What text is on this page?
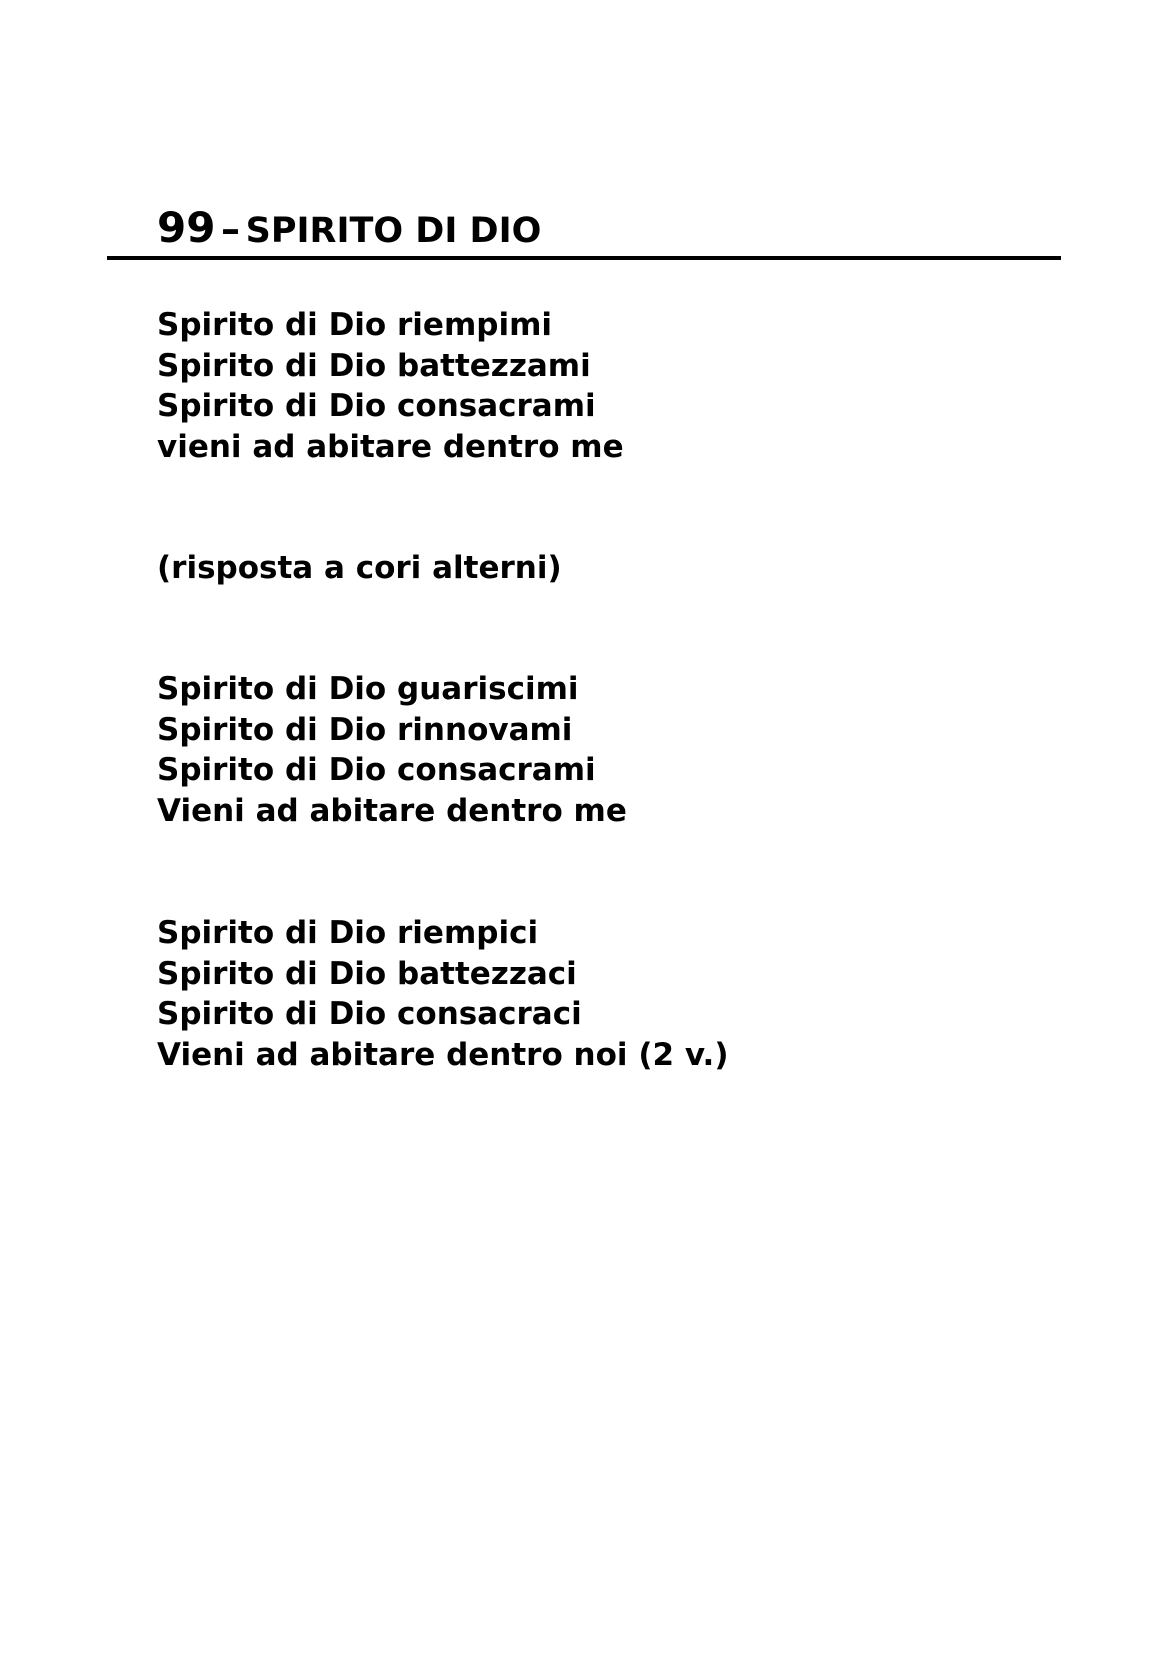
99 – SPIRITO DI DIO
Spirito di Dio riempimi
Spirito di Dio battezzami
Spirito di Dio consacrami
vieni ad abitare dentro me
(risposta a cori alterni)
Spirito di Dio guariscimi
Spirito di Dio rinnovami
Spirito di Dio consacrami
Vieni ad abitare dentro me
Spirito di Dio riempici
Spirito di Dio battezzaci
Spirito di Dio consacraci
Vieni ad abitare dentro noi (2 v.)
